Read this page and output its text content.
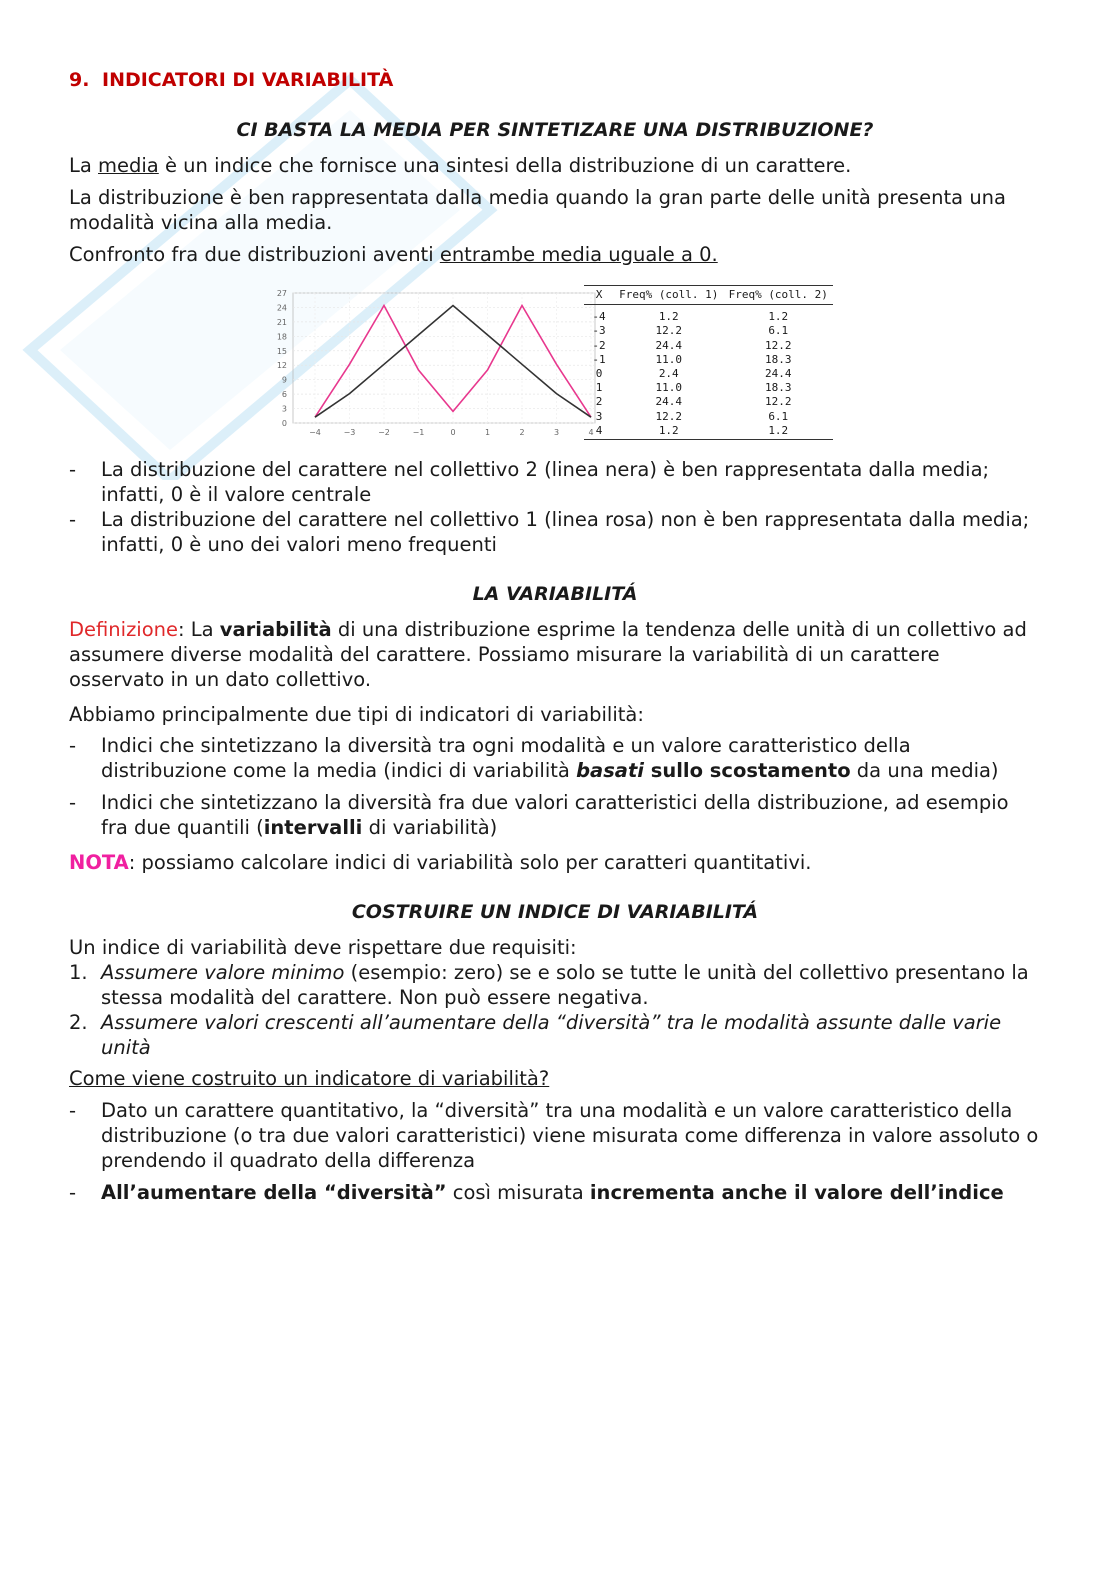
9. INDICATORI DI VARIABILITÀ

CI BASTA LA MEDIA PER SINTETIZARE UNA DISTRIBUZIONE?

La media è un indice che fornisce una sintesi della distribuzione di un carattere.

La distribuzione è ben rappresentata dalla media quando la gran parte delle unità presenta una modalità vicina alla media.

Confronto fra due distribuzioni aventi entrambe media uguale a 0.

0
3
6
9
12
15
18
21
24
27
−4	−3	−2	−1	0	1	2	3	4
X	Freq% (coll. 1)	Freq% (coll. 2)
-4	1.2	1.2
-3	12.2	6.1
-2	24.4	12.2
-1	11.0	18.3
0	2.4	24.4
1	11.0	18.3
2	24.4	12.2
3	12.2	6.1
4	1.2	1.2
- La distribuzione del carattere nel collettivo 2 (linea nera) è ben rappresentata dalla media; infatti, 0 è il valore centrale
- La distribuzione del carattere nel collettivo 1 (linea rosa) non è ben rappresentata dalla media; infatti, 0 è uno dei valori meno frequenti

LA VARIABILITÁ

Definizione: La variabilità di una distribuzione esprime la tendenza delle unità di un collettivo ad assumere diverse modalità del carattere. Possiamo misurare la variabilità di un carattere osservato in un dato collettivo.

Abbiamo principalmente due tipi di indicatori di variabilità:

- Indici che sintetizzano la diversità tra ogni modalità e un valore caratteristico della distribuzione come la media (indici di variabilità basati sullo scostamento da una media)
- Indici che sintetizzano la diversità fra due valori caratteristici della distribuzione, ad esempio fra due quantili (intervalli di variabilità)

NOTA: possiamo calcolare indici di variabilità solo per caratteri quantitativi.

COSTRUIRE UN INDICE DI VARIABILITÁ

Un indice di variabilità deve rispettare due requisiti:

1. Assumere valore minimo (esempio: zero) se e solo se tutte le unità del collettivo presentano la stessa modalità del carattere. Non può essere negativa.
2. Assumere valori crescenti all’aumentare della “diversità” tra le modalità assunte dalle varie unità

Come viene costruito un indicatore di variabilità?

- Dato un carattere quantitativo, la “diversità” tra una modalità e un valore caratteristico della distribuzione (o tra due valori caratteristici) viene misurata come differenza in valore assoluto o prendendo il quadrato della differenza
- All’aumentare della “diversità” così misurata incrementa anche il valore dell’indice
